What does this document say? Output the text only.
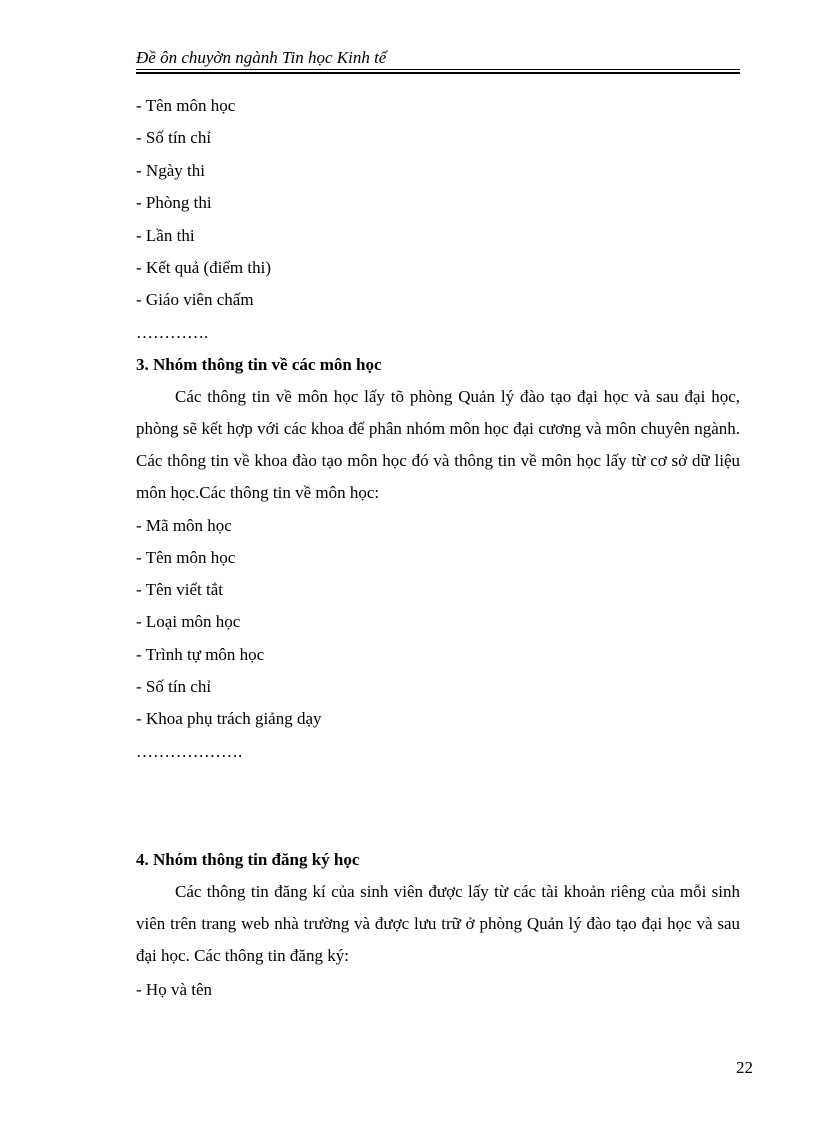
Đề ôn chuyờn ngành Tin học Kinh tế
- Tên môn học
- Số tín chỉ
- Ngày thi
- Phòng thi
- Lần thi
- Kết quả (điểm thi)
- Giáo viên chấm
………….
3. Nhóm thông tin về các môn học
Các thông tin về môn học lấy tõ phòng Quản lý đào tạo đại học và sau đại học, phòng sẽ kết hợp với các khoa để phân nhóm môn học đại cương và môn chuyên ngành. Các thông tin về khoa đào tạo môn học đó và thông tin về môn học lấy từ cơ sở dữ liệu môn học.Các thông tin về môn học:
- Mã môn học
- Tên môn học
- Tên viết tắt
- Loại môn học
- Trình tự môn học
- Số tín chỉ
- Khoa phụ trách giảng dạy
……………….
4. Nhóm thông tin đăng ký học
Các thông tin đăng kí của sinh viên được lấy từ các tài khoản riêng của mỗi sinh viên trên trang web nhà trường và được lưu trữ ở phòng Quản lý đào tạo đại học và sau đại học. Các thông tin đăng ký:
- Họ và tên
22
